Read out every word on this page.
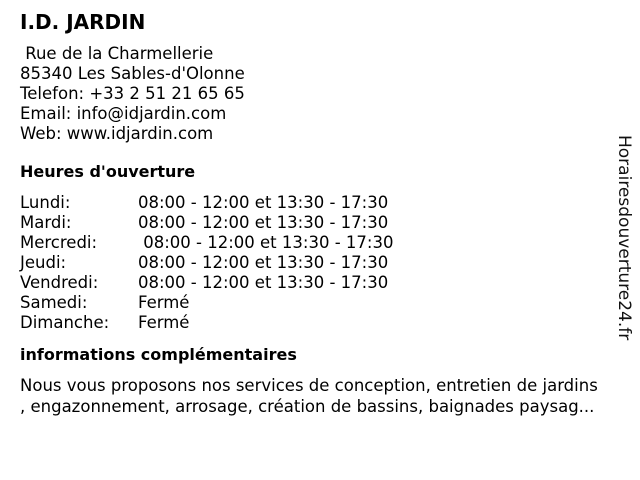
I.D. JARDIN
Rue de la Charmellerie
85340 Les Sables-d'Olonne
Telefon: +33 2 51 21 65 65
Email: info@idjardin.com
Web: www.idjardin.com
Heures d'ouverture
Lundi:	08:00 - 12:00 et 13:30 - 17:30
Mardi:	08:00 - 12:00 et 13:30 - 17:30
Mercredi:	08:00 - 12:00 et 13:30 - 17:30
Jeudi:	08:00 - 12:00 et 13:30 - 17:30
Vendredi:	08:00 - 12:00 et 13:30 - 17:30
Samedi:	Fermé
Dimanche:	Fermé
informations complémentaires
Nous vous proposons nos services de conception, entretien de jardins
, engazonnement, arrosage, création de bassins, baignades paysag...
Horairesdouverture24.fr
